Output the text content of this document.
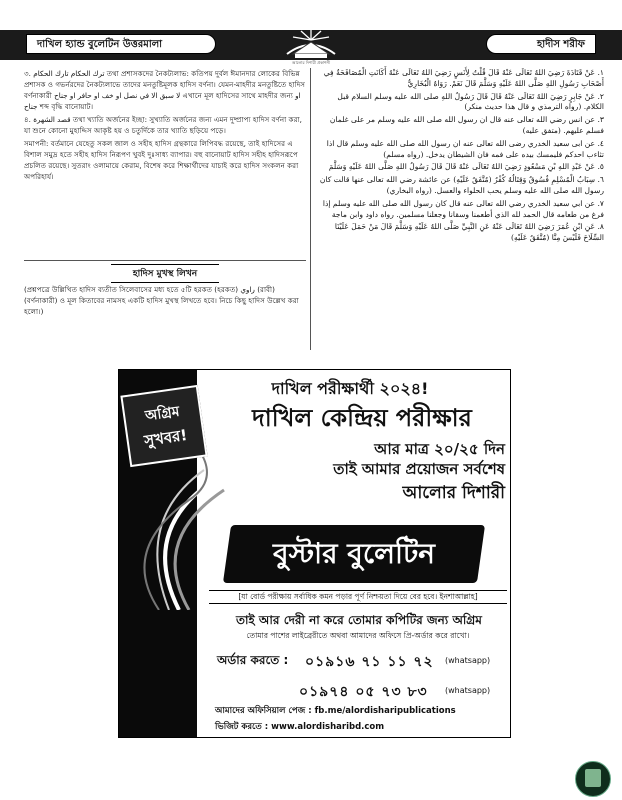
দাখিল হ্যান্ড বুলেটিন উত্তরমালা	হাদীস শরীফ
আলোর দিশারী প্রকাশনী

৩. ترك الحكام تارك الحكام তথা প্রশাসকদের নৈকট্যলাভ: কতিপয় দুর্বল ঈমানদার লোকের বিভিন্ন প্রশাসক ও গভর্নরদের নৈকট্যলাভে তাদের মনতুষ্টিমূলক হাদিস বর্ণনা। যেমন-মাহদীর মনতুষ্টিতে হাদিস বর্ণনাকারী لا سبق الا في نصل او خف او حافر او جناح এখানে মূল হাদিসের সাথে মাহদীর জন্য او جناح শব্দ বৃদ্ধি বানোয়াট।

৪. قصد الشهرة তথা খ্যাতি অর্জনের ইচ্ছা: সুখ্যাতি অর্জনের জন্য এমন দুষ্প্রাপ্য হাদিস বর্ণনা করা, যা শুনে কোনো মুহাদ্দিস আকৃষ্ট হয় ও চতুর্দিকে তার খ্যাতি ছড়িয়ে পড়ে।

সমাপনী: বর্তমানে যেহেতু সকল জাল ও সহীহ হাদিস গ্রন্থকারে লিপিবদ্ধ রয়েছে, তাই হাদিসের এ বিশাল সমুদ্র হতে সহীহ হাদিস নিরূপণ খুবই দুঃসাধ্য ব্যাপার। বহু বানোয়াট হাদিস সহীহ হাদিসরূপে প্রচলিত রয়েছে। সুতরাং ওলামায়ে কেরাম, বিশেষ করে শিক্ষার্থীদের যাচাই করে হাদিস সংকলন করা অপরিহার্য।

হাদিস মুখস্থ লিখন
(প্রশ্নপত্রে উল্লিখিত হাদিস ব্যতীত সিলেবাসের মধ্য হতে ৫টি হরকত (হরকত) راوي (রাবী) (বর্ণনাকারী) ও মূল কিতাবের নামসহ একটি হাদিস মুখস্থ লিখতে হবে। নিচে কিছু হাদিস উল্লেখ করা হলো।)

١. عَنْ قَتَادَةَ رَضِيَ اللهُ تَعَالَى عَنْهُ قَالَ قُلْتُ لِأَنَسٍ رَضِيَ اللهُ تَعَالَى عَنْهُ أَكَانَتِ الْمُصَافَحَةُ فِي أَصْحَابِ رَسُولِ اللهِ صَلَّى اللهُ عَلَيْهِ وَسَلَّمَ قَالَ نَعَمْ. رَوَاهُ الْبُخَارِيُّ

٢. عَنْ جَابِرٍ رَضِيَ اللهُ تَعَالَى عَنْهُ قَالَ قَالَ رَسُولُ اللهِ صلى الله عليه وسلم السلام قبل الكلام. (رواه الترمذي و قال هذا حديث منكر)

٣. عن انس رضي الله تعالى عنه قال ان رسول الله صلى الله عليه وسلم مر على غلمان فسلم عليهم. (متفق عليه)

٤. عن ابى سعيد الخدري رضى الله تعالى عنه ان رسول الله صلى الله عليه وسلم قال اذا تثاءب احدكم فليمسك بيده على فمه فان الشيطان يدخل. (رواه مسلم)

٥. عَنْ عَبْدِ اللهِ بْنِ مَسْعُودٍ رَضِيَ اللهُ تَعَالَى عَنْهُ قَالَ قَالَ رَسُولُ اللهِ صَلَّى اللهُ عَلَيْهِ وَسَلَّمَ

٦. سِبَابُ الْمُسْلِمِ فُسُوقٌ وَقِتَالُهُ كُفْرٌ (مُتَّفَقٌ عَلَيْهِ) عن عائشة رضي الله تعالى عنها قالت كان رسول الله صلى الله عليه وسلم يحب الحلواء والعسل. (رواه البخاري)

٧. عن ابي سعيد الخدري رضي الله تعالى عنه قال كان رسول الله صلى الله عليه وسلم إذا فرغ من طعامه قال الحمد لله الذي أطعمنا وسقانا وجعلنا مسلمين. رواه داود وابن ماجة

٨. عَنِ ابْنِ عُمَرَ رَضِيَ اللهُ تَعَالَى عَنْهُ عَنِ النَّبِيِّ صَلَّى اللهُ عَلَيْهِ وَسَلَّمَ قَالَ مَنْ حَمَلَ عَلَيْنَا السِّلَاحَ فَلَيْسَ مِنَّا (مُتَّفَقٌ عَلَيْهِ)

অগ্রিম
সুখবর!
দাখিল পরীক্ষার্থী ২০২৪!
দাখিল কেন্দ্রিয় পরীক্ষার
আর মাত্র ২০/২৫ দিন
তাই আমার প্রয়োজন সর্বশেষ
আলোর দিশারী
বুস্টার বুলেটিন
[যা বোর্ড পরীক্ষায় সর্বাধিক কমন পড়ার পূর্ণ নিশ্চয়তা দিয়ে বের হবে। ইনশাআল্লাহ]
তাই আর দেরী না করে তোমার কপিটির জন্য অগ্রিম
তোমার পাশের লাইব্রেরীতে অথবা আমাদের অফিসে প্রি-অর্ডার করে রাখো।
অর্ডার করতে : ০১৯১৬ ৭১ ১১ ৭২ (whatsapp)
০১৯৭৪ ০৫ ৭৩ ৮৩ (whatsapp)
আমাদের অফিসিয়াল পেজ : fb.me/alordisharipublications
ভিজিট করতে : www.alordisharibd.com
